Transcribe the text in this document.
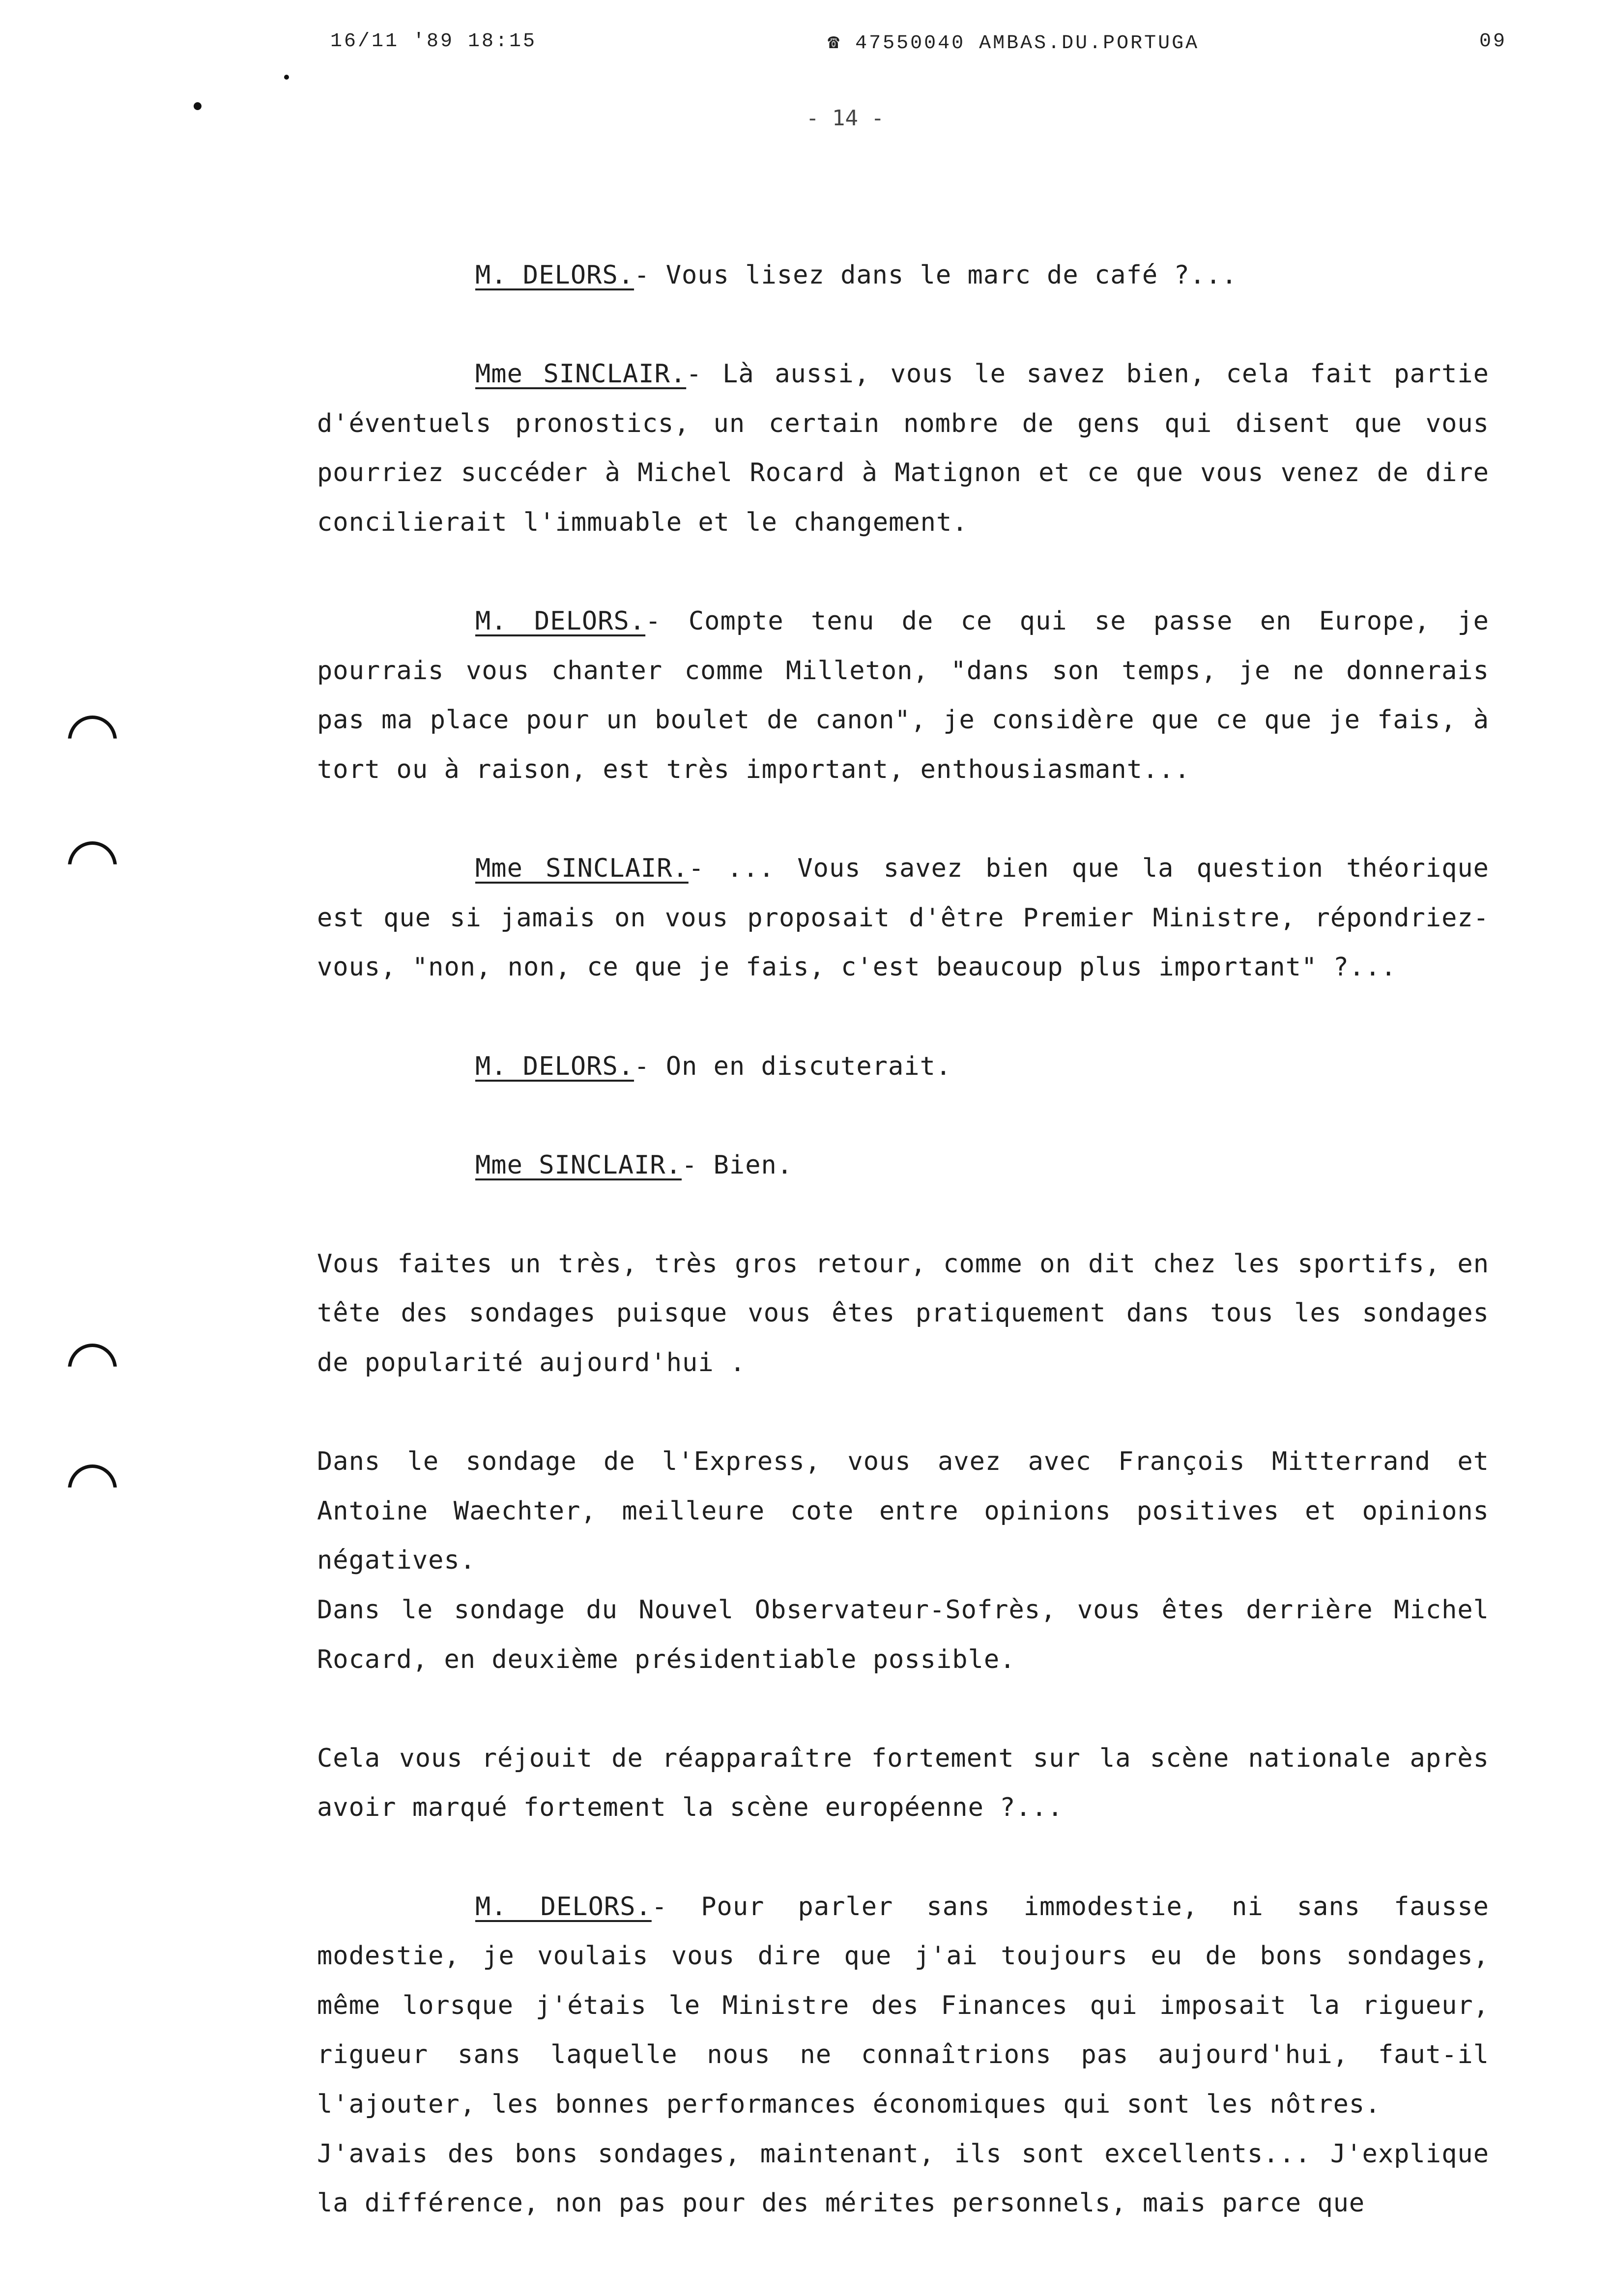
16/11 '89 18:15	☎ 47550040 AMBAS.DU.PORTUGA	09
- 14 -

M. DELORS.- Vous lisez dans le marc de café ?...

Mme SINCLAIR.- Là aussi, vous le savez bien, cela fait partie d'éventuels pronostics, un certain nombre de gens qui disent que vous pourriez succéder à Michel Rocard à Matignon et ce que vous venez de dire concilierait l'immuable et le changement.

M. DELORS.- Compte tenu de ce qui se passe en Europe, je pourrais vous chanter comme Milleton, "dans son temps, je ne donnerais pas ma place pour un boulet de canon", je considère que ce que je fais, à tort ou à raison, est très important, enthousiasmant...

Mme SINCLAIR.- ... Vous savez bien que la question théorique est que si jamais on vous proposait d'être Premier Ministre, répondriez-vous, "non, non, ce que je fais, c'est beaucoup plus important" ?...

M. DELORS.- On en discuterait.

Mme SINCLAIR.- Bien.

Vous faites un très, très gros retour, comme on dit chez les sportifs, en tête des sondages puisque vous êtes pratiquement dans tous les sondages de popularité aujourd'hui .

Dans le sondage de l'Express, vous avez avec François Mitterrand et Antoine Waechter, meilleure cote entre opinions positives et opinions négatives.

Dans le sondage du Nouvel Observateur-Sofrès, vous êtes derrière Michel Rocard, en deuxième présidentiable possible.

Cela vous réjouit de réapparaître fortement sur la scène nationale après avoir marqué fortement la scène européenne ?...

M. DELORS.- Pour parler sans immodestie, ni sans fausse modestie, je voulais vous dire que j'ai toujours eu de bons sondages, même lorsque j'étais le Ministre des Finances qui imposait la rigueur, rigueur sans laquelle nous ne connaîtrions pas aujourd'hui, faut-il l'ajouter, les bonnes performances économiques qui sont les nôtres.

J'avais des bons sondages, maintenant, ils sont excellents... J'explique la différence, non pas pour des mérites personnels, mais parce que
